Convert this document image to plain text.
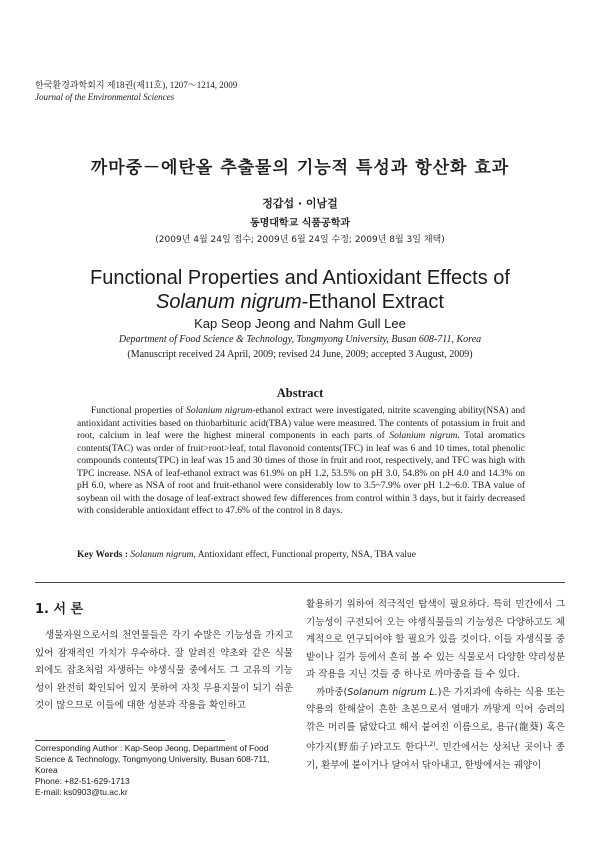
한국환경과학회지 제18권(제11호), 1207～1214, 2009
Journal of the Environmental Sciences
까마중－에탄올 추출물의 기능적 특성과 항산화 효과
정갑섭 · 이남걸
동명대학교 식품공학과
(2009년 4월 24일 접수; 2009년 6월 24일 수정; 2009년 8월 3일 채택)
Functional Properties and Antioxidant Effects of
Solanum nigrum-Ethanol Extract
Kap Seop Jeong and Nahm Gull Lee
Department of Food Science & Technology, Tongmyong University, Busan 608-711, Korea
(Manuscript received 24 April, 2009; revised 24 June, 2009; accepted 3 August, 2009)
Abstract

Functional properties of Solanium nigrum-ethanol extract were investigated, nitrite scavenging ability(NSA) and antioxidant activities based on thiobarbituric acid(TBA) value were measured. The contents of potassium in fruit and root, calcium in leaf were the highest mineral components in each parts of Solanium nigrum. Total aromatics contents(TAC) was order of fruit>root>leaf, total flavonoid contents(TFC) in leaf was 6 and 10 times, total phenolic compounds contents(TPC) in leaf was 15 and 30 times of those in fruit and root, respectively, and TFC was high with TPC increase. NSA of leaf-ethanol extract was 61.9% on pH 1.2, 53.5% on pH 3.0, 54.8% on pH 4.0 and 14.3% on pH 6.0, where as NSA of root and fruit-ethanol were considerably low to 3.5~7.9% over pH 1.2~6.0. TBA value of soybean oil with the dosage of leaf-extract showed few differences from control within 3 days, but it fairly decreased with considerable antioxidant effect to 47.6% of the control in 8 days.

Key Words : Solanum nigrum, Antioxidant effect, Functional property, NSA, TBA value
1. 서 론

생물자원으로서의 천연물들은 각기 수많은 기능성을 가지고 있어 잠재적인 가치가 우수하다. 잘 알려진 약초와 같은 식물 외에도 잡초처럼 자생하는 야생식물 중에서도 그 고유의 기능성이 완전히 확인되어 있지 못하여 자칫 무용지물이 되기 쉬운 것이 많으므로 이들에 대한 성분과 작용을 확인하고

활용하기 위하여 적극적인 탐색이 필요하다. 특히 민간에서 그 기능성이 구전되어 오는 야생식물들의 기능성은 다양하고도 체계적으로 연구되어야 할 필요가 있을 것이다. 이들 자생식물 중 밭이나 길가 등에서 흔히 볼 수 있는 식물로서 다양한 약리성분과 작용을 지닌 것들 중 하나로 까마중을 들 수 있다.

까마중(Solanum nigrum L.)은 가지과에 속하는 식용 또는 약용의 한해살이 흔한 초본으로서 열매가 까맣게 익어 승려의 깎은 머리를 닮았다고 해서 붙여진 이름으로, 용규(龍葵) 혹은 야가지(野茄子)라고도 한다$^{1,2)}$. 민간에서는 상처난 곳이나 종기, 환부에 붙이거나 달여서 닦아내고, 한방에서는 궤양이

Corresponding Author : Kap-Seop Jeong, Department of Food Science & Technology, Tongmyong University, Busan 608-711, Korea
Phone: +82-51-629-1713
E-mail: ks0903@tu.ac.kr
